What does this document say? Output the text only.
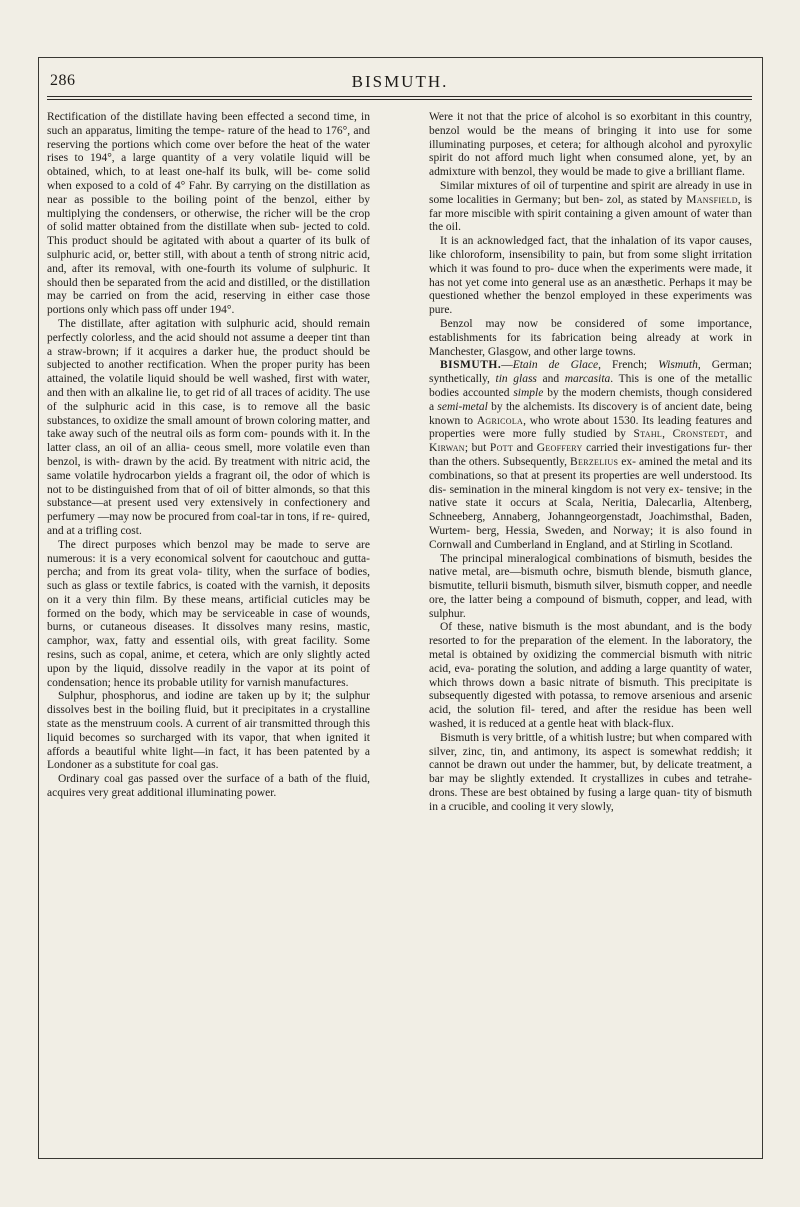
286	BISMUTH.

Rectification of the distillate having been effected a second time, in such an apparatus, limiting the tempe- rature of the head to 176°, and reserving the portions which come over before the heat of the water rises to 194°, a large quantity of a very volatile liquid will be obtained, which, to at least one-half its bulk, will be- come solid when exposed to a cold of 4° Fahr. By carrying on the distillation as near as possible to the boiling point of the benzol, either by multiplying the condensers, or otherwise, the richer will be the crop of solid matter obtained from the distillate when sub- jected to cold. This product should be agitated with about a quarter of its bulk of sulphuric acid, or, better still, with about a tenth of strong nitric acid, and, after its removal, with one-fourth its volume of sulphuric. It should then be separated from the acid and distilled, or the distillation may be carried on from the acid, reserving in either case those portions only which pass off under 194°.

The distillate, after agitation with sulphuric acid, should remain perfectly colorless, and the acid should not assume a deeper tint than a straw-brown; if it acquires a darker hue, the product should be subjected to another rectification. When the proper purity has been attained, the volatile liquid should be well washed, first with water, and then with an alkaline lie, to get rid of all traces of acidity. The use of the sulphuric acid in this case, is to remove all the basic substances, to oxidize the small amount of brown coloring matter, and take away such of the neutral oils as form com- pounds with it. In the latter class, an oil of an allia- ceous smell, more volatile even than benzol, is with- drawn by the acid. By treatment with nitric acid, the same volatile hydrocarbon yields a fragrant oil, the odor of which is not to be distinguished from that of oil of bitter almonds, so that this substance—at present used very extensively in confectionery and perfumery —may now be procured from coal-tar in tons, if re- quired, and at a trifling cost.

The direct purposes which benzol may be made to serve are numerous: it is a very economical solvent for caoutchouc and gutta-percha; and from its great vola- tility, when the surface of bodies, such as glass or textile fabrics, is coated with the varnish, it deposits on it a very thin film. By these means, artificial cuticles may be formed on the body, which may be serviceable in case of wounds, burns, or cutaneous diseases. It dissolves many resins, mastic, camphor, wax, fatty and essential oils, with great facility. Some resins, such as copal, anime, et cetera, which are only slightly acted upon by the liquid, dissolve readily in the vapor at its point of condensation; hence its probable utility for varnish manufactures.

Sulphur, phosphorus, and iodine are taken up by it; the sulphur dissolves best in the boiling fluid, but it precipitates in a crystalline state as the menstruum cools. A current of air transmitted through this liquid becomes so surcharged with its vapor, that when ignited it affords a beautiful white light—in fact, it has been patented by a Londoner as a substitute for coal gas.

Ordinary coal gas passed over the surface of a bath of the fluid, acquires very great additional illuminating power.

Were it not that the price of alcohol is so exorbitant in this country, benzol would be the means of bringing it into use for some illuminating purposes, et cetera; for although alcohol and pyroxylic spirit do not afford much light when consumed alone, yet, by an admixture with benzol, they would be made to give a brilliant flame.

Similar mixtures of oil of turpentine and spirit are already in use in some localities in Germany; but ben- zol, as stated by Mansfield, is far more miscible with spirit containing a given amount of water than the oil.

It is an acknowledged fact, that the inhalation of its vapor causes, like chloroform, insensibility to pain, but from some slight irritation which it was found to pro- duce when the experiments were made, it has not yet come into general use as an anæsthetic. Perhaps it may be questioned whether the benzol employed in these experiments was pure.

Benzol may now be considered of some importance, establishments for its fabrication being already at work in Manchester, Glasgow, and other large towns.

BISMUTH.—Etain de Glace, French; Wismuth, German; synthetically, tin glass and marcasita. This is one of the metallic bodies accounted simple by the modern chemists, though considered a semi-metal by the alchemists. Its discovery is of ancient date, being known to Agricola, who wrote about 1530. Its leading features and properties were more fully studied by Stahl, Cronstedt, and Kirwan; but Pott and Geoffery carried their investigations fur- ther than the others. Subsequently, Berzelius ex- amined the metal and its combinations, so that at present its properties are well understood. Its dis- semination in the mineral kingdom is not very ex- tensive; in the native state it occurs at Scala, Neritia, Dalecarlia, Altenberg, Schneeberg, Annaberg, Johanngeorgenstadt, Joachimsthal, Baden, Wurtem- berg, Hessia, Sweden, and Norway; it is also found in Cornwall and Cumberland in England, and at Stirling in Scotland.

The principal mineralogical combinations of bismuth, besides the native metal, are—bismuth ochre, bismuth blende, bismuth glance, bismutite, tellurii bismuth, bismuth silver, bismuth copper, and needle ore, the latter being a compound of bismuth, copper, and lead, with sulphur.

Of these, native bismuth is the most abundant, and is the body resorted to for the preparation of the element. In the laboratory, the metal is obtained by oxidizing the commercial bismuth with nitric acid, eva- porating the solution, and adding a large quantity of water, which throws down a basic nitrate of bismuth. This precipitate is subsequently digested with potassa, to remove arsenious and arsenic acid, the solution fil- tered, and after the residue has been well washed, it is reduced at a gentle heat with black-flux.

Bismuth is very brittle, of a whitish lustre; but when compared with silver, zinc, tin, and antimony, its aspect is somewhat reddish; it cannot be drawn out under the hammer, but, by delicate treatment, a bar may be slightly extended. It crystallizes in cubes and tetrahe- drons. These are best obtained by fusing a large quan- tity of bismuth in a crucible, and cooling it very slowly,
